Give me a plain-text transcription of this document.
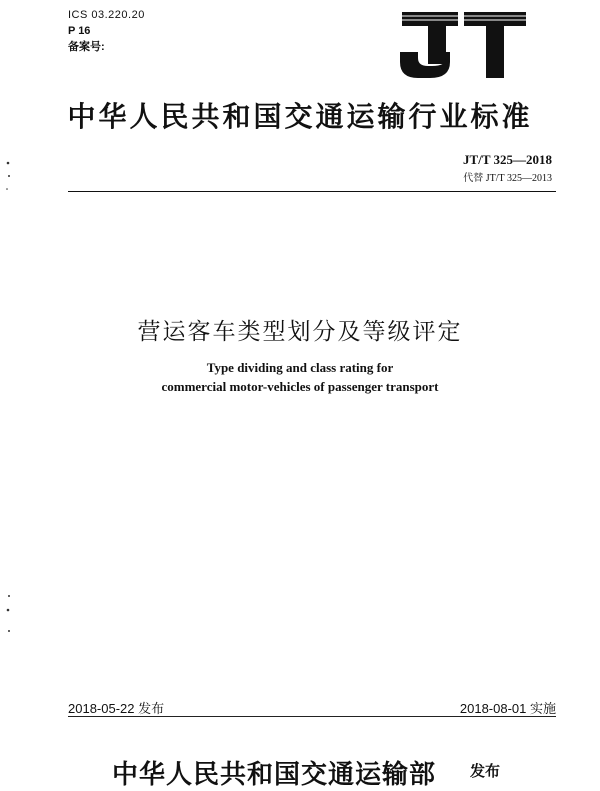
ICS 03.220.20
P 16
备案号:
中华人民共和国交通运输行业标准
JT/T 325—2018
代替 JT/T 325—2013
营运客车类型划分及等级评定
Type dividing and class rating for
commercial motor-vehicles of passenger transport
2018-05-22 发布	2018-08-01 实施
中华人民共和国交通运输部 发布
